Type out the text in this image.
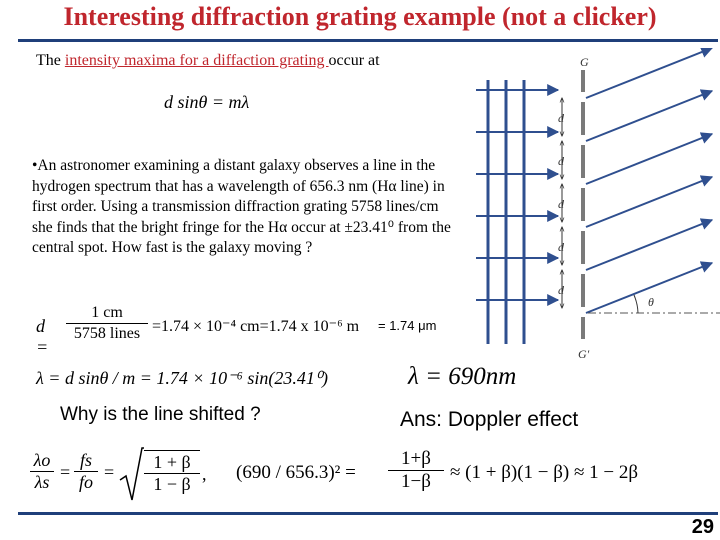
Interesting diffraction grating example (not a clicker)
The intensity maxima for a diffaction grating occur at
d sinθ = mλ
•An astronomer examining a distant galaxy observes a line in the hydrogen spectrum that has a wavelength of 656.3 nm (Hα line) in first order. Using a transmission diffraction grating 5758 lines/cm she finds that the bright fringe for the Hα occur at ±23.41⁰ from the central spot. How fast is the galaxy moving ?
d =
1 cm
5758 lines =1.74 × 10⁻⁴ cm=1.74 x 10⁻⁶ m = 1.74 μm
λ = d sinθ / m = 1.74 × 10⁻⁶ sin(23.41⁰)	λ = 690nm
Why is the line shifted ?	Ans: Doppler effect
λo
λs =
fs
fo = $\frac{1 + \beta}{1 - \beta}$ , $(690 / 656.3)^2 = \frac{1+\beta}{1-\beta} \approx (1 + \beta)(1 - \beta) \approx 1 - 2\beta$
29
d
d
d
d
d
θ
G
G′
